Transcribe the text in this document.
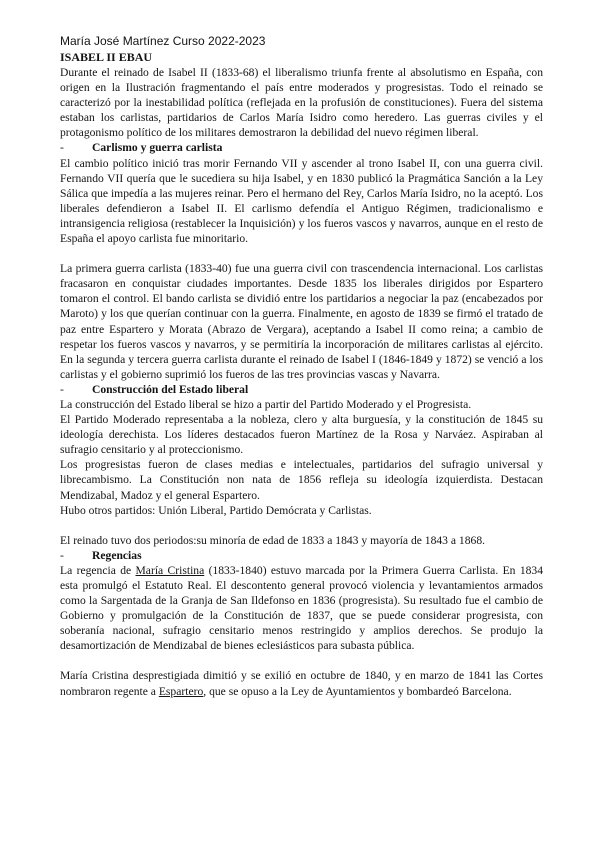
María José Martínez Curso 2022-2023

ISABEL II EBAU

Durante el reinado de Isabel II (1833-68) el liberalismo triunfa frente al absolutismo en España, con origen en la Ilustración fragmentando el país entre moderados y progresistas. Todo el reinado se caracterizó por la inestabilidad política (reflejada en la profusión de constituciones). Fuera del sistema estaban los carlistas, partidarios de Carlos María Isidro como heredero. Las guerras civiles y el protagonismo político de los militares demostraron la debilidad del nuevo régimen liberal.

-	Carlismo y guerra carlista

El cambio político inició tras morir Fernando VII y ascender al trono Isabel II, con una guerra civil. Fernando VII quería que le sucediera su hija Isabel, y en 1830 publicó la Pragmática Sanción a la Ley Sálica que impedía a las mujeres reinar. Pero el hermano del Rey, Carlos María Isidro, no la aceptó. Los liberales defendieron a Isabel II. El carlismo defendía el Antiguo Régimen, tradicionalismo e intransigencia religiosa (restablecer la Inquisición) y los fueros vascos y navarros, aunque en el resto de España el apoyo carlista fue minoritario.

La primera guerra carlista (1833-40) fue una guerra civil con trascendencia internacional. Los carlistas fracasaron en conquistar ciudades importantes. Desde 1835 los liberales dirigidos por Espartero tomaron el control. El bando carlista se dividió entre los partidarios a negociar la paz (encabezados por Maroto) y los que querían continuar con la guerra. Finalmente, en agosto de 1839 se firmó el tratado de paz entre Espartero y Morata (Abrazo de Vergara), aceptando a Isabel II como reina; a cambio de respetar los fueros vascos y navarros, y se permitiría la incorporación de militares carlistas al ejército. En la segunda y tercera guerra carlista durante el reinado de Isabel I (1846-1849 y 1872) se venció a los carlistas y el gobierno suprimió los fueros de las tres provincias vascas y Navarra.

-	Construcción del Estado liberal

La construcción del Estado liberal se hizo a partir del Partido Moderado y el Progresista.

El Partido Moderado representaba a la nobleza, clero y alta burguesía, y la constitución de 1845 su ideología derechista. Los líderes destacados fueron Martínez de la Rosa y Narváez. Aspiraban al sufragio censitario y al proteccionismo.

Los progresistas fueron de clases medias e intelectuales, partidarios del sufragio universal y librecambismo. La Constitución non nata de 1856 refleja su ideología izquierdista. Destacan Mendizabal, Madoz y el general Espartero.

Hubo otros partidos: Unión Liberal, Partido Demócrata y Carlistas.

El reinado tuvo dos periodos:su minoría de edad de 1833 a 1843 y mayoría de 1843 a 1868.

-	Regencias

La regencia de María Cristina (1833-1840) estuvo marcada por la Primera Guerra Carlista. En 1834 esta promulgó el Estatuto Real. El descontento general provocó violencia y levantamientos armados como la Sargentada de la Granja de San Ildefonso en 1836 (progresista). Su resultado fue el cambio de Gobierno y promulgación de la Constitución de 1837, que se puede considerar progresista, con soberanía nacional, sufragio censitario menos restringido y amplios derechos. Se produjo la desamortización de Mendizabal de bienes eclesiásticos para subasta pública.

María Cristina desprestigiada dimitió y se exilió en octubre de 1840, y en marzo de 1841 las Cortes nombraron regente a Espartero, que se opuso a la Ley de Ayuntamientos y bombardeó Barcelona.
